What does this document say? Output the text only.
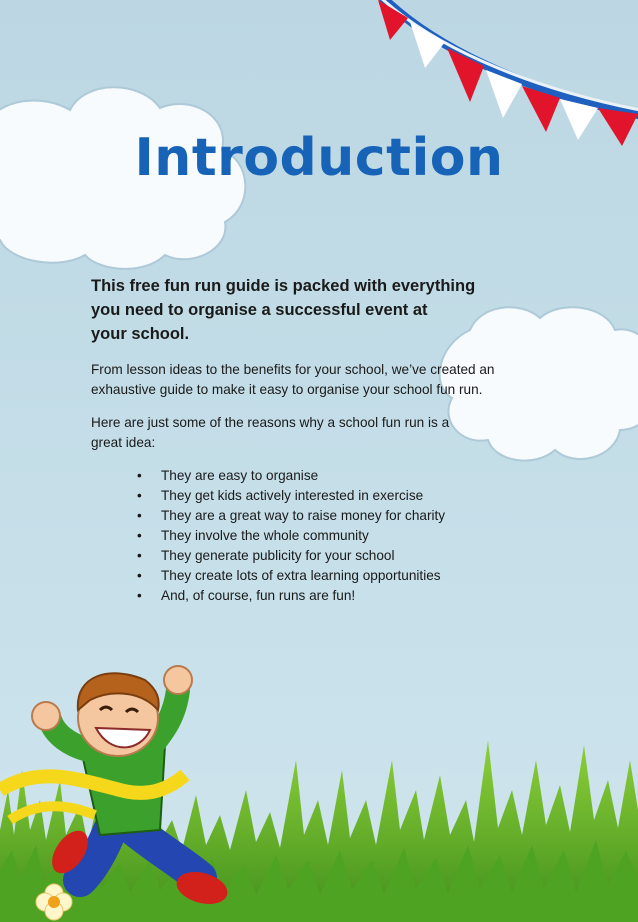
Introduction

This free fun run guide is packed with everything
you need to organise a successful event at
your school.

From lesson ideas to the benefits for your school, we’ve created an
exhaustive guide to make it easy to organise your school fun run.

Here are just some of the reasons why a school fun run is a
great idea:

• They are easy to organise
• They get kids actively interested in exercise
• They are a great way to raise money for charity
• They involve the whole community
• They generate publicity for your school
• They create lots of extra learning opportunities
• And, of course, fun runs are fun!
